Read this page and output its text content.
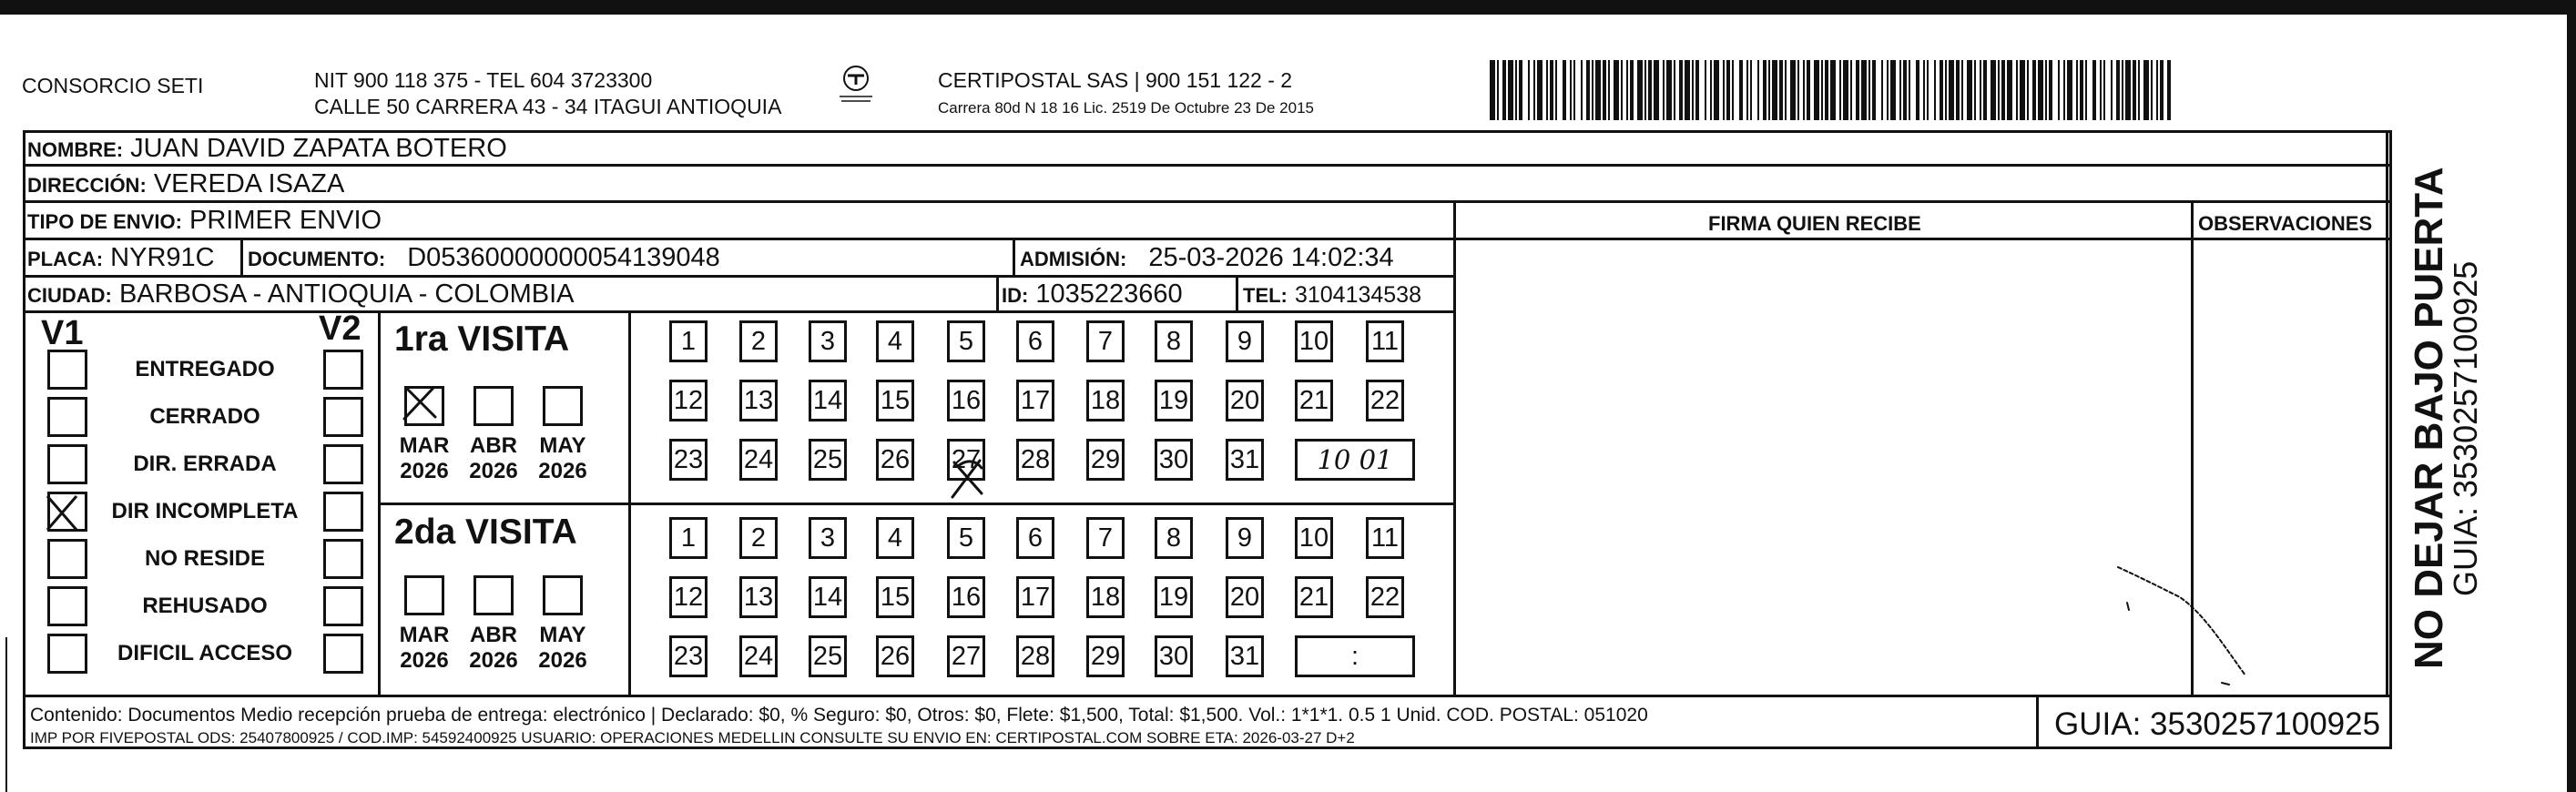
CONSORCIO SETI	NIT 900 118 375 - TEL 604 3723300
CALLE 50 CARRERA 43 - 34 ITAGUI ANTIOQUIA
CERTIPOSTAL SAS | 900 151 122 - 2
Carrera 80d N 18 16 Lic. 2519 De Octubre 23 De 2015
NOMBRE: JUAN DAVID ZAPATA BOTERO
DIRECCIÓN: VEREDA ISAZA
TIPO DE ENVIO: PRIMER ENVIO
PLACA: NYR91C DOCUMENTO: D05360000000054139048	ADMISIÓN: 25-03-2026 14:02:34
CIUDAD: BARBOSA - ANTIOQUIA - COLOMBIA	ID: 1035223660	TEL: 3104134538
FIRMA QUIEN RECIBE	OBSERVACIONES
V1	V2
ENTREGADO
CERRADO
DIR. ERRADA
DIR INCOMPLETA
NO RESIDE
REHUSADO
DIFICIL ACCESO
1ra VISITA
2da VISITA
1	2	3	4	5	6	7	8	9	10 11
12 13 14 15 16 17 18 19 20 21 22
23 24 25 26 27 28 29 30 31	10 01
1	2	3	4	5	6	7	8	9	10 11
12 13 14 15 16 17 18 19 20 21 22
23 24 25 26 27 28 29 30 31	:
MAR
2026
ABR
2026
MAY
2026
MAR
2026
ABR
2026
MAY
2026
Contenido: Documentos Medio recepción prueba de entrega: electrónico | Declarado: $0, % Seguro: $0, Otros: $0, Flete: $1,500, Total: $1,500. Vol.: 1*1*1. 0.5 1 Unid. COD. POSTAL: 051020
IMP POR FIVEPOSTAL ODS: 25407800925 / COD.IMP: 54592400925 USUARIO: OPERACIONES MEDELLIN CONSULTE SU ENVIO EN: CERTIPOSTAL.COM SOBRE ETA: 2026-03-27 D+2	GUIA: 3530257100925
NO DEJAR BAJO PUERTA
GUIA: 3530257100925
